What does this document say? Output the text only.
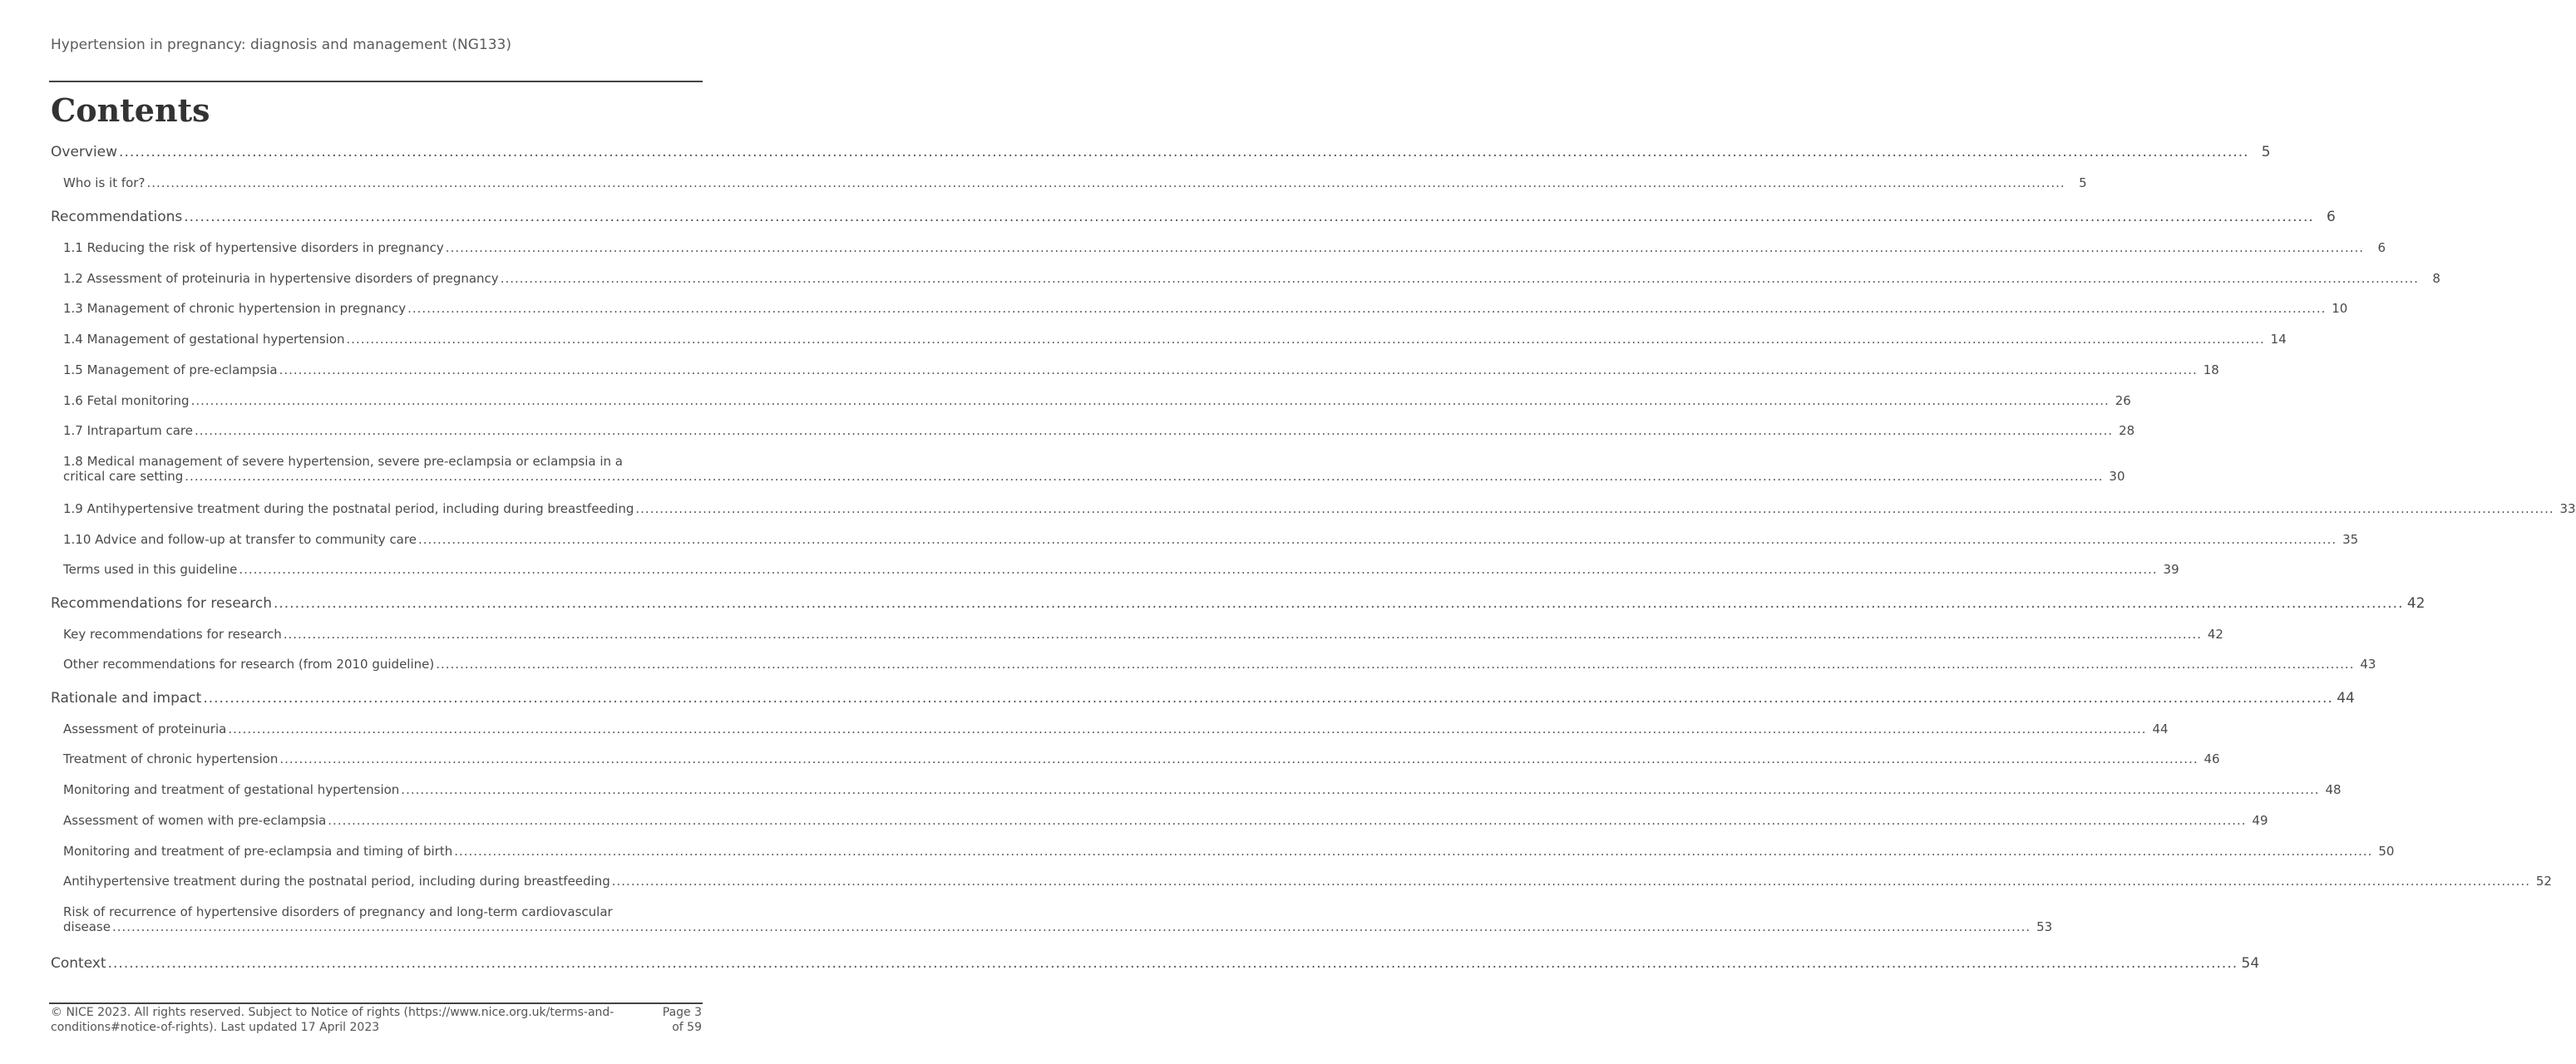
Hypertension in pregnancy: diagnosis and management (NG133)
Contents
Overview ................................................................................................................................................................................................................................................................................................................................................................................................................ 5
Who is it for? ................................................................................................................................................................................................................................................................................................................................................................................................................	5
Recommendations ................................................................................................................................................................................................................................................................................................................................................................................................................ 6
1.1 Reducing the risk of hypertensive disorders in pregnancy ................................................................................................................................................................................................................................................................................................................................................................................................................	6
1.2 Assessment of proteinuria in hypertensive disorders of pregnancy ................................................................................................................................................................................................................................................................................................................................................................................................................	8
1.3 Management of chronic hypertension in pregnancy ................................................................................................................................................................................................................................................................................................................................................................................................................ 10
1.4 Management of gestational hypertension ................................................................................................................................................................................................................................................................................................................................................................................................................ 14
1.5 Management of pre-eclampsia ................................................................................................................................................................................................................................................................................................................................................................................................................ 18
1.6 Fetal monitoring ................................................................................................................................................................................................................................................................................................................................................................................................................ 26
1.7 Intrapartum care ................................................................................................................................................................................................................................................................................................................................................................................................................ 28
1.8 Medical management of severe hypertension, severe pre-eclampsia or eclampsia in a
critical care setting ................................................................................................................................................................................................................................................................................................................................................................................................................ 30
1.9 Antihypertensive treatment during the postnatal period, including during breastfeeding ................................................................................................................................................................................................................................................................................................................................................................................................................ 33
1.10 Advice and follow-up at transfer to community care ................................................................................................................................................................................................................................................................................................................................................................................................................ 35
Terms used in this guideline ................................................................................................................................................................................................................................................................................................................................................................................................................ 39
Recommendations for research ................................................................................................................................................................................................................................................................................................................................................................................................................ 42
Key recommendations for research ................................................................................................................................................................................................................................................................................................................................................................................................................ 42
Other recommendations for research (from 2010 guideline) ................................................................................................................................................................................................................................................................................................................................................................................................................ 43
Rationale and impact ................................................................................................................................................................................................................................................................................................................................................................................................................ 44
Assessment of proteinuria ................................................................................................................................................................................................................................................................................................................................................................................................................ 44
Treatment of chronic hypertension ................................................................................................................................................................................................................................................................................................................................................................................................................ 46
Monitoring and treatment of gestational hypertension ................................................................................................................................................................................................................................................................................................................................................................................................................ 48
Assessment of women with pre-eclampsia ................................................................................................................................................................................................................................................................................................................................................................................................................ 49
Monitoring and treatment of pre-eclampsia and timing of birth ................................................................................................................................................................................................................................................................................................................................................................................................................ 50
Antihypertensive treatment during the postnatal period, including during breastfeeding ................................................................................................................................................................................................................................................................................................................................................................................................................ 52
Risk of recurrence of hypertensive disorders of pregnancy and long-term cardiovascular
disease ................................................................................................................................................................................................................................................................................................................................................................................................................ 53
Context ................................................................................................................................................................................................................................................................................................................................................................................................................ 54
© NICE 2023. All rights reserved. Subject to Notice of rights (https://www.nice.org.uk/terms-and-
conditions#notice-of-rights). Last updated 17 April 2023
Page 3
of 59
